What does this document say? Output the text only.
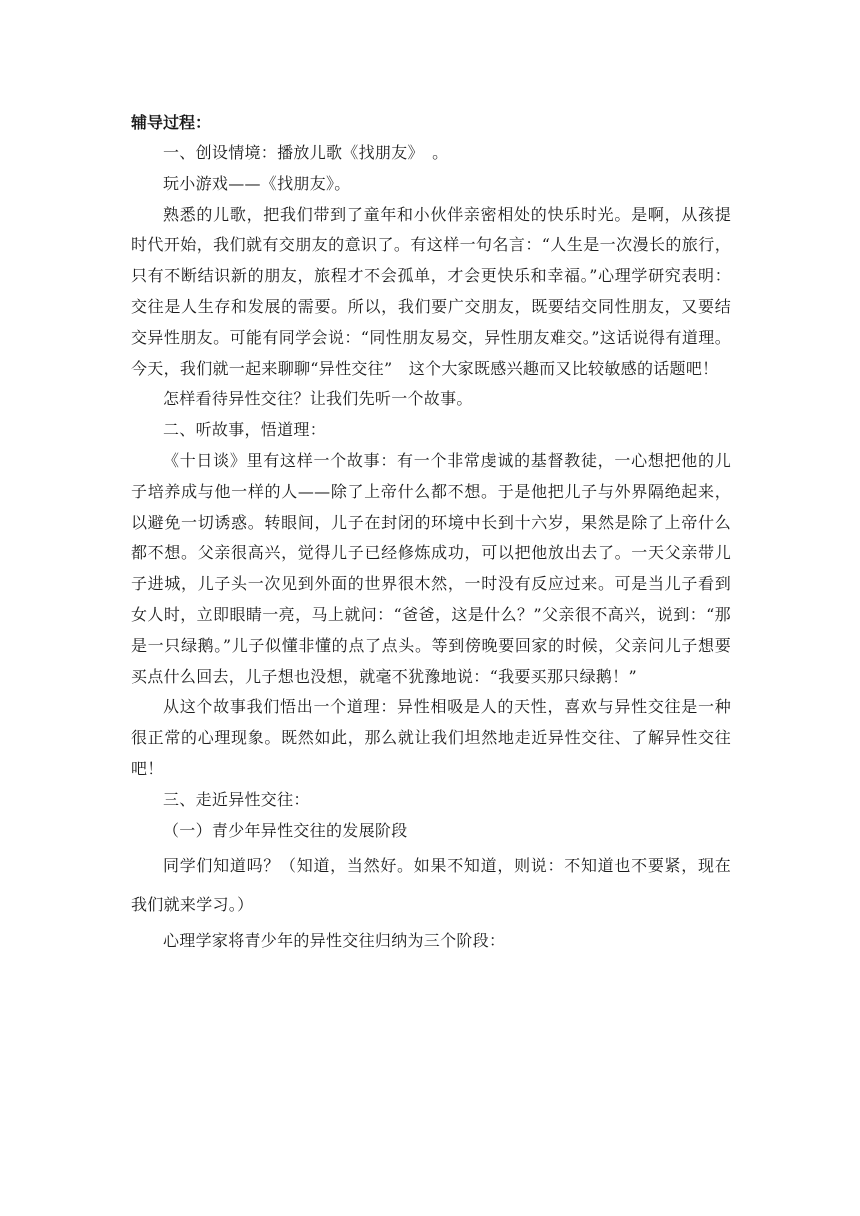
辅导过程：

一、创设情境：播放儿歌《找朋友》　。

玩小游戏——《找朋友》。

熟悉的儿歌，把我们带到了童年和小伙伴亲密相处的快乐时光。是啊，从孩提时代开始，我们就有交朋友的意识了。有这样一句名言：“人生是一次漫长的旅行，只有不断结识新的朋友，旅程才不会孤单，才会更快乐和幸福。”心理学研究表明：交往是人生存和发展的需要。所以，我们要广交朋友，既要结交同性朋友，又要结交异性朋友。可能有同学会说：“同性朋友易交，异性朋友难交。”这话说得有道理。今天，我们就一起来聊聊“异性交往”　这个大家既感兴趣而又比较敏感的话题吧！

怎样看待异性交往？让我们先听一个故事。

二、听故事，悟道理：

《十日谈》里有这样一个故事：有一个非常虔诚的基督教徒，一心想把他的儿子培养成与他一样的人——除了上帝什么都不想。于是他把儿子与外界隔绝起来，以避免一切诱惑。转眼间，儿子在封闭的环境中长到十六岁，果然是除了上帝什么都不想。父亲很高兴，觉得儿子已经修炼成功，可以把他放出去了。一天父亲带儿子进城，儿子头一次见到外面的世界很木然，一时没有反应过来。可是当儿子看到女人时，立即眼睛一亮，马上就问：“爸爸，这是什么？”父亲很不高兴，说到：“那是一只绿鹅。”儿子似懂非懂的点了点头。等到傍晚要回家的时候，父亲问儿子想要买点什么回去，儿子想也没想，就毫不犹豫地说：“我要买那只绿鹅！”

从这个故事我们悟出一个道理：异性相吸是人的天性，喜欢与异性交往是一种很正常的心理现象。既然如此，那么就让我们坦然地走近异性交往、了解异性交往吧！

三、走近异性交往：

（一）青少年异性交往的发展阶段

同学们知道吗？（知道，当然好。如果不知道，则说：不知道也不要紧，现在我们就来学习。）

心理学家将青少年的异性交往归纳为三个阶段：
